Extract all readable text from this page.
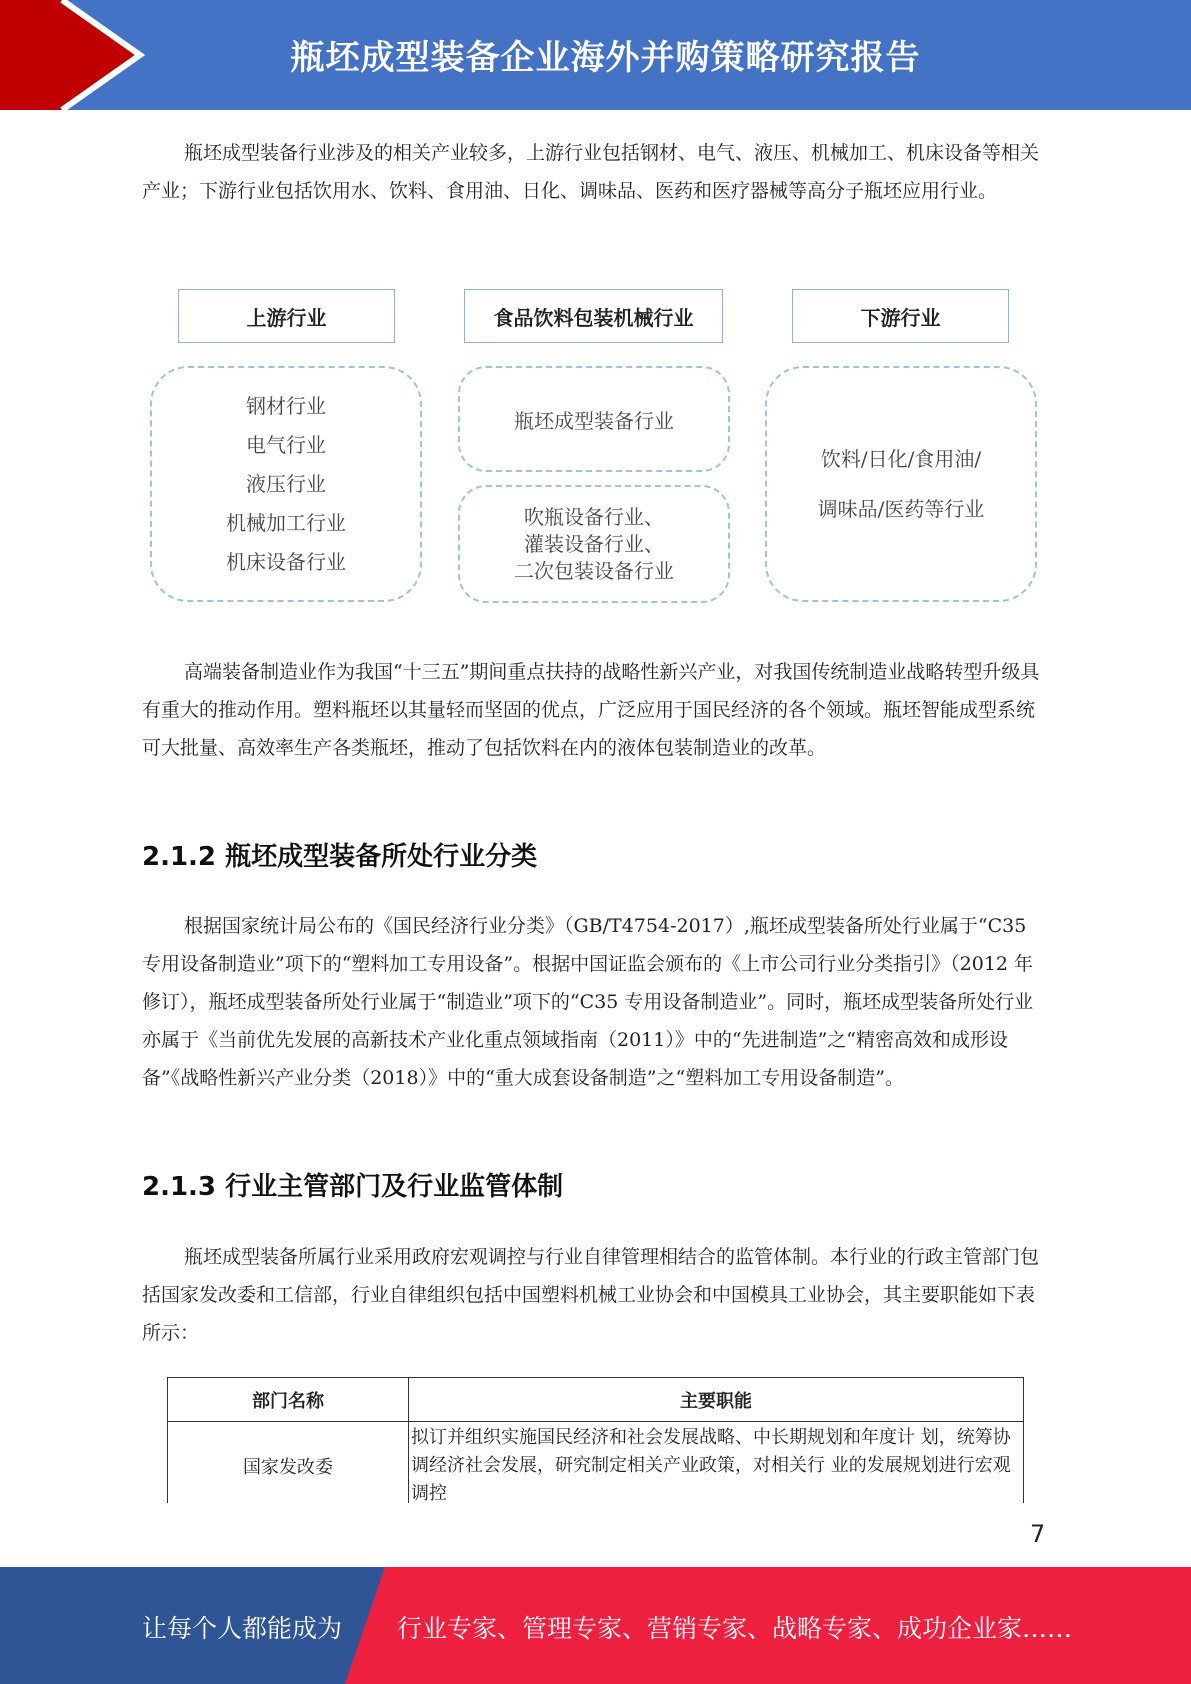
瓶坯成型装备企业海外并购策略研究报告
瓶坯成型装备行业涉及的相关产业较多，上游行业包括钢材、电气、液压、机械加工、机床设备等相关产业；下游行业包括饮用水、饮料、食用油、日化、调味品、医药和医疗器械等高分子瓶坯应用行业。
上游行业	食品饮料包装机械行业	下游行业
钢材行业
电气行业
液压行业
机械加工行业
机床设备行业
瓶坯成型装备行业
吹瓶设备行业、
灌装设备行业、
二次包装设备行业
饮料/日化/食用油/
调味品/医药等行业
高端装备制造业作为我国“十三五”期间重点扶持的战略性新兴产业，对我国传统制造业战略转型升级具有重大的推动作用。塑料瓶坯以其量轻而坚固的优点，广泛应用于国民经济的各个领域。瓶坯智能成型系统可大批量、高效率生产各类瓶坯，推动了包括饮料在内的液体包装制造业的改革。
2.1.2 瓶坯成型装备所处行业分类
根据国家统计局公布的《国民经济行业分类》（GB/T4754-2017）,瓶坯成型装备所处行业属于“C35 专用设备制造业”项下的“塑料加工专用设备”。根据中国证监会颁布的《上市公司行业分类指引》（2012 年修订），瓶坯成型装备所处行业属于“制造业”项下的“C35 专用设备制造业”。同时，瓶坯成型装备所处行业亦属于《当前优先发展的高新技术产业化重点领域指南（2011）》中的“先进制造”之“精密高效和成形设备”《战略性新兴产业分类（2018）》中的“重大成套设备制造”之“塑料加工专用设备制造”。
2.1.3 行业主管部门及行业监管体制
瓶坯成型装备所属行业采用政府宏观调控与行业自律管理相结合的监管体制。本行业的行政主管部门包括国家发改委和工信部，行业自律组织包括中国塑料机械工业协会和中国模具工业协会，其主要职能如下表所示：
部门名称	主要职能
国家发改委	拟订并组织实施国民经济和社会发展战略、中长期规划和年度计 划，统筹协调经济社会发展，研究制定相关产业政策，对相关行 业的发展规划进行宏观调控
7
让每个人都能成为 行业专家、管理专家、营销专家、战略专家、成功企业家……
